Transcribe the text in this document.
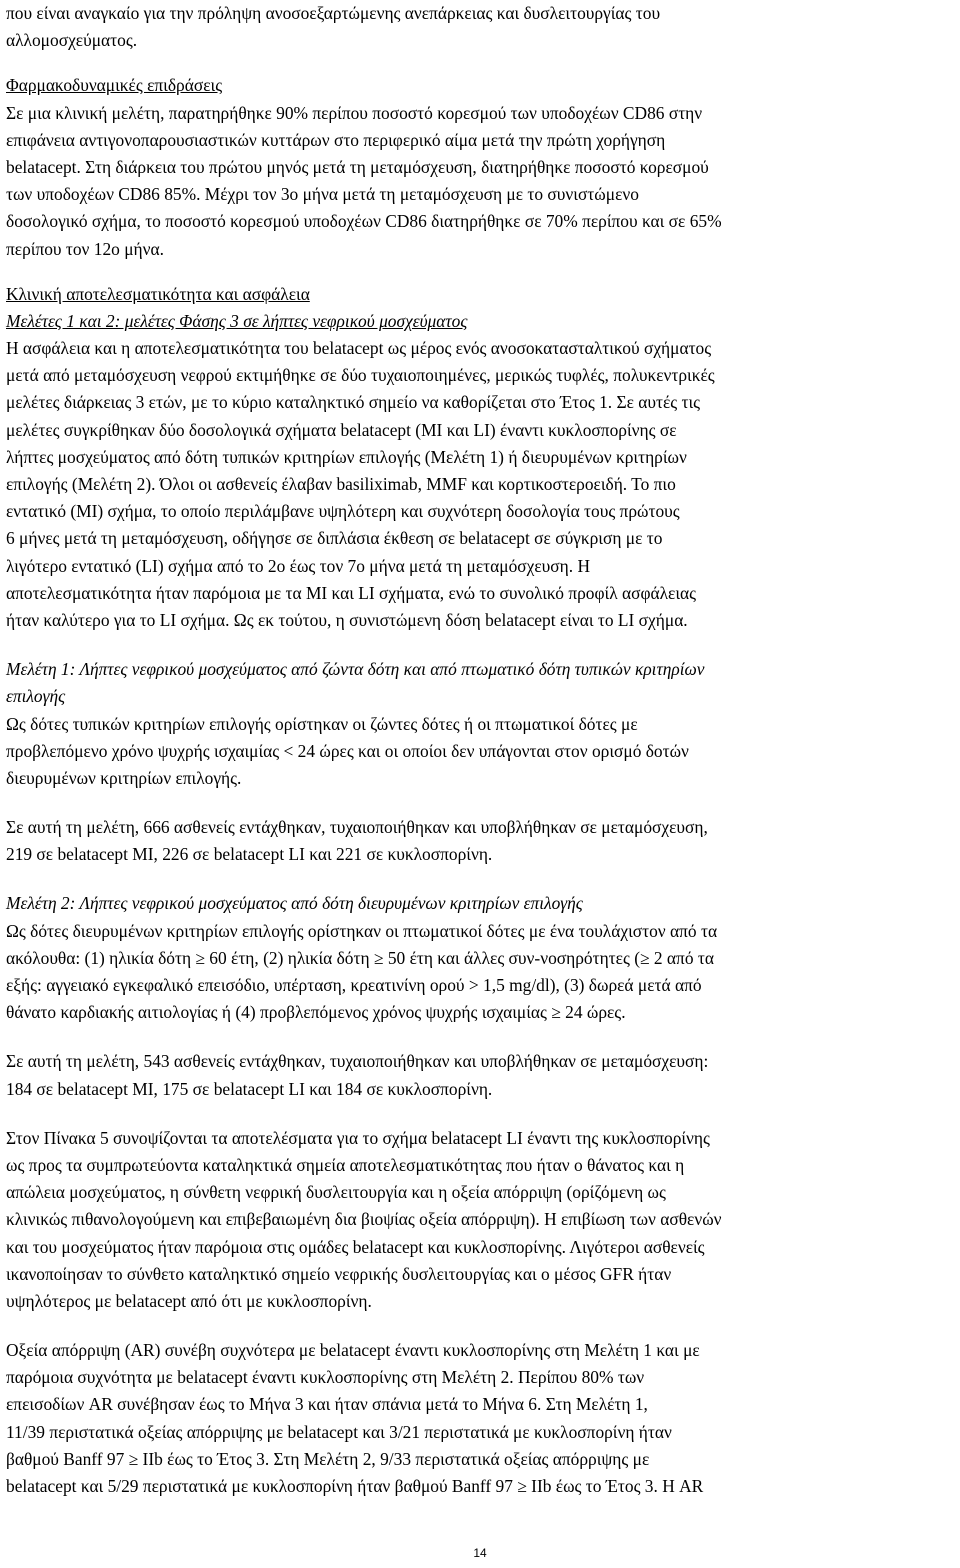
που είναι αναγκαίο για την πρόληψη ανοσοεξαρτώμενης ανεπάρκειας και δυσλειτουργίας του
αλλομοσχεύματος.
Φαρμακοδυναμικές επιδράσεις
Σε μια κλινική μελέτη, παρατηρήθηκε 90% περίπου ποσοστό κορεσμού των υποδοχέων CD86 στην
επιφάνεια αντιγονοπαρουσιαστικών κυττάρων στο περιφερικό αίμα μετά την πρώτη χορήγηση
belatacept. Στη διάρκεια του πρώτου μηνός μετά τη μεταμόσχευση, διατηρήθηκε ποσοστό κορεσμού
των υποδοχέων CD86 85%. Μέχρι τον 3ο μήνα μετά τη μεταμόσχευση με το συνιστώμενο
δοσολογικό σχήμα, το ποσοστό κορεσμού υποδοχέων CD86 διατηρήθηκε σε 70% περίπου και σε 65%
περίπου τον 12ο μήνα.
Κλινική αποτελεσματικότητα και ασφάλεια
Μελέτες 1 και 2: μελέτες Φάσης 3 σε λήπτες νεφρικού μοσχεύματος
Η ασφάλεια και η αποτελεσματικότητα του belatacept ως μέρος ενός ανοσοκατασταλτικού σχήματος
μετά από μεταμόσχευση νεφρού εκτιμήθηκε σε δύο τυχαιοποιημένες, μερικώς τυφλές, πολυκεντρικές
μελέτες διάρκειας 3 ετών, με το κύριο καταληκτικό σημείο να καθορίζεται στο Έτος 1. Σε αυτές τις
μελέτες συγκρίθηκαν δύο δοσολογικά σχήματα belatacept (MI και LI) έναντι κυκλοσπορίνης σε
λήπτες μοσχεύματος από δότη τυπικών κριτηρίων επιλογής (Μελέτη 1) ή διευρυμένων κριτηρίων
επιλογής (Μελέτη 2). Όλοι οι ασθενείς έλαβαν basiliximab, MMF και κορτικοστεροειδή. Το πιο
εντατικό (MI) σχήμα, το οποίο περιλάμβανε υψηλότερη και συχνότερη δοσολογία τους πρώτους
6 μήνες μετά τη μεταμόσχευση, οδήγησε σε διπλάσια έκθεση σε belatacept σε σύγκριση με το
λιγότερο εντατικό (LI) σχήμα από το 2ο έως τον 7ο μήνα μετά τη μεταμόσχευση. Η
αποτελεσματικότητα ήταν παρόμοια με τα MI και LI σχήματα, ενώ το συνολικό προφίλ ασφάλειας
ήταν καλύτερο για το LI σχήμα. Ως εκ τούτου, η συνιστώμενη δόση belatacept είναι το LI σχήμα.
Μελέτη 1: Λήπτες νεφρικού μοσχεύματος από ζώντα δότη και από πτωματικό δότη τυπικών κριτηρίων
επιλογής
Ως δότες τυπικών κριτηρίων επιλογής ορίστηκαν οι ζώντες δότες ή οι πτωματικοί δότες με
προβλεπόμενο χρόνο ψυχρής ισχαιμίας < 24 ώρες και οι οποίοι δεν υπάγονται στον ορισμό δοτών
διευρυμένων κριτηρίων επιλογής.
Σε αυτή τη μελέτη, 666 ασθενείς εντάχθηκαν, τυχαιοποιήθηκαν και υποβλήθηκαν σε μεταμόσχευση,
219 σε belatacept MI, 226 σε belatacept LI και 221 σε κυκλοσπορίνη.
Μελέτη 2: Λήπτες νεφρικού μοσχεύματος από δότη διευρυμένων κριτηρίων επιλογής
Ως δότες διευρυμένων κριτηρίων επιλογής ορίστηκαν οι πτωματικοί δότες με ένα τουλάχιστον από τα
ακόλουθα: (1) ηλικία δότη ≥ 60 έτη, (2) ηλικία δότη ≥ 50 έτη και άλλες συν-νοσηρότητες (≥ 2 από τα
εξής: αγγειακό εγκεφαλικό επεισόδιο, υπέρταση, κρεατινίνη ορού > 1,5 mg/dl), (3) δωρεά μετά από
θάνατο καρδιακής αιτιολογίας ή (4) προβλεπόμενος χρόνος ψυχρής ισχαιμίας ≥ 24 ώρες.
Σε αυτή τη μελέτη, 543 ασθενείς εντάχθηκαν, τυχαιοποιήθηκαν και υποβλήθηκαν σε μεταμόσχευση:
184 σε belatacept MI, 175 σε belatacept LI και 184 σε κυκλοσπορίνη.
Στον Πίνακα 5 συνοψίζονται τα αποτελέσματα για το σχήμα belatacept LI έναντι της κυκλοσπορίνης
ως προς τα συμπρωτεύοντα καταληκτικά σημεία αποτελεσματικότητας που ήταν ο θάνατος και η
απώλεια μοσχεύματος, η σύνθετη νεφρική δυσλειτουργία και η οξεία απόρριψη (ορίζόμενη ως
κλινικώς πιθανολογούμενη και επιβεβαιωμένη δια βιοψίας οξεία απόρριψη). Η επιβίωση των ασθενών
και του μοσχεύματος ήταν παρόμοια στις ομάδες belatacept και κυκλοσπορίνης. Λιγότεροι ασθενείς
ικανοποίησαν το σύνθετο καταληκτικό σημείο νεφρικής δυσλειτουργίας και ο μέσος GFR ήταν
υψηλότερος με belatacept από ότι με κυκλοσπορίνη.
Οξεία απόρριψη (AR) συνέβη συχνότερα με belatacept έναντι κυκλοσπορίνης στη Μελέτη 1 και με
παρόμοια συχνότητα με belatacept έναντι κυκλοσπορίνης στη Μελέτη 2. Περίπου 80% των
επεισοδίων AR συνέβησαν έως το Μήνα 3 και ήταν σπάνια μετά το Μήνα 6. Στη Μελέτη 1,
11/39 περιστατικά οξείας απόρριψης με belatacept και 3/21 περιστατικά με κυκλοσπορίνη ήταν
βαθμού Banff 97 ≥ IIb έως το Έτος 3. Στη Μελέτη 2, 9/33 περιστατικά οξείας απόρριψης με
belatacept και 5/29 περιστατικά με κυκλοσπορίνη ήταν βαθμού Banff 97 ≥ IIb έως το Έτος 3. Η AR
14
